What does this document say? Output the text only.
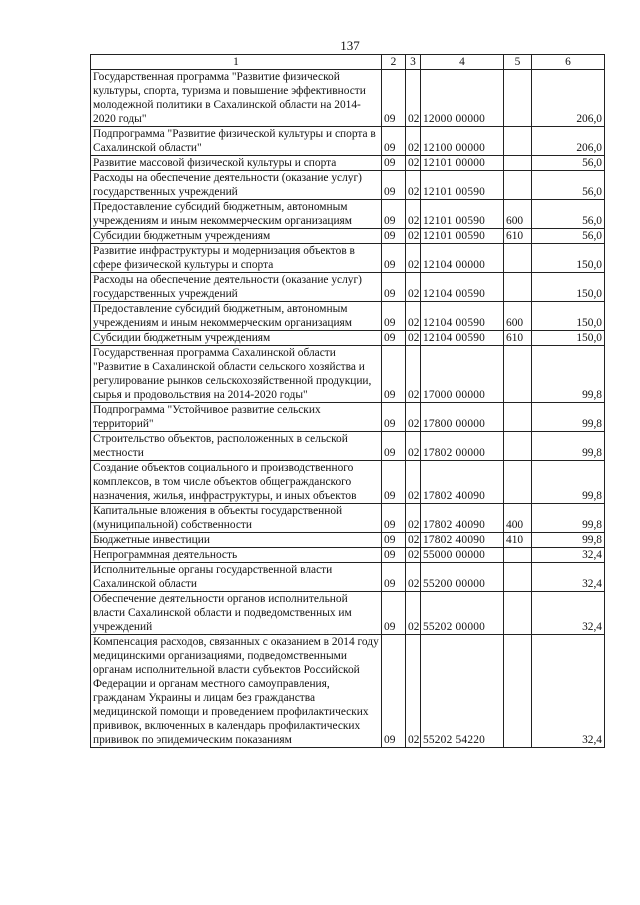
137
1	2	3	4	5	6
Государственная программа "Развитие физической культуры, спорта, туризма и повышение эффективности молодежной политики в Сахалинской области на 2014-2020 годы"	09	02	12000 00000		206,0
Подпрограмма "Развитие физической культуры и спорта в Сахалинской области"	09	02	12100 00000		206,0
Развитие массовой физической культуры и спорта	09	02	12101 00000		56,0
Расходы на обеспечение деятельности (оказание услуг) государственных учреждений	09	02	12101 00590		56,0
Предоставление субсидий бюджетным, автономным учреждениям и иным некоммерческим организациям	09	02	12101 00590	600	56,0
Субсидии бюджетным учреждениям	09	02	12101 00590	610	56,0
Развитие инфраструктуры и модернизация объектов в сфере физической культуры и спорта	09	02	12104 00000		150,0
Расходы на обеспечение деятельности (оказание услуг) государственных учреждений	09	02	12104 00590		150,0
Предоставление субсидий бюджетным, автономным учреждениям и иным некоммерческим организациям	09	02	12104 00590	600	150,0
Субсидии бюджетным учреждениям	09	02	12104 00590	610	150,0
Государственная программа Сахалинской области "Развитие в Сахалинской области сельского хозяйства и регулирование рынков сельскохозяйственной продукции, сырья и продовольствия на 2014-2020 годы"	09	02	17000 00000		99,8
Подпрограмма "Устойчивое развитие сельских территорий"	09	02	17800 00000		99,8
Строительство объектов, расположенных в сельской местности	09	02	17802 00000		99,8
Создание объектов социального и производственного комплексов, в том числе объектов общегражданского назначения, жилья, инфраструктуры, и иных объектов	09	02	17802 40090		99,8
Капитальные вложения в объекты государственной (муниципальной) собственности	09	02	17802 40090	400	99,8
Бюджетные инвестиции	09	02	17802 40090	410	99,8
Непрограммная деятельность	09	02	55000 00000		32,4
Исполнительные органы государственной власти Сахалинской области	09	02	55200 00000		32,4
Обеспечение деятельности органов исполнительной власти Сахалинской области и подведомственных им учреждений	09	02	55202 00000		32,4
Компенсация расходов, связанных с оказанием в 2014 году медицинскими организациями, подведомственными органам исполнительной власти субъектов Российской Федерации и органам местного самоуправления, гражданам Украины и лицам без гражданства медицинской помощи и проведением профилактических прививок, включенных в календарь профилактических прививок по эпидемическим показаниям	09	02	55202 54220		32,4
